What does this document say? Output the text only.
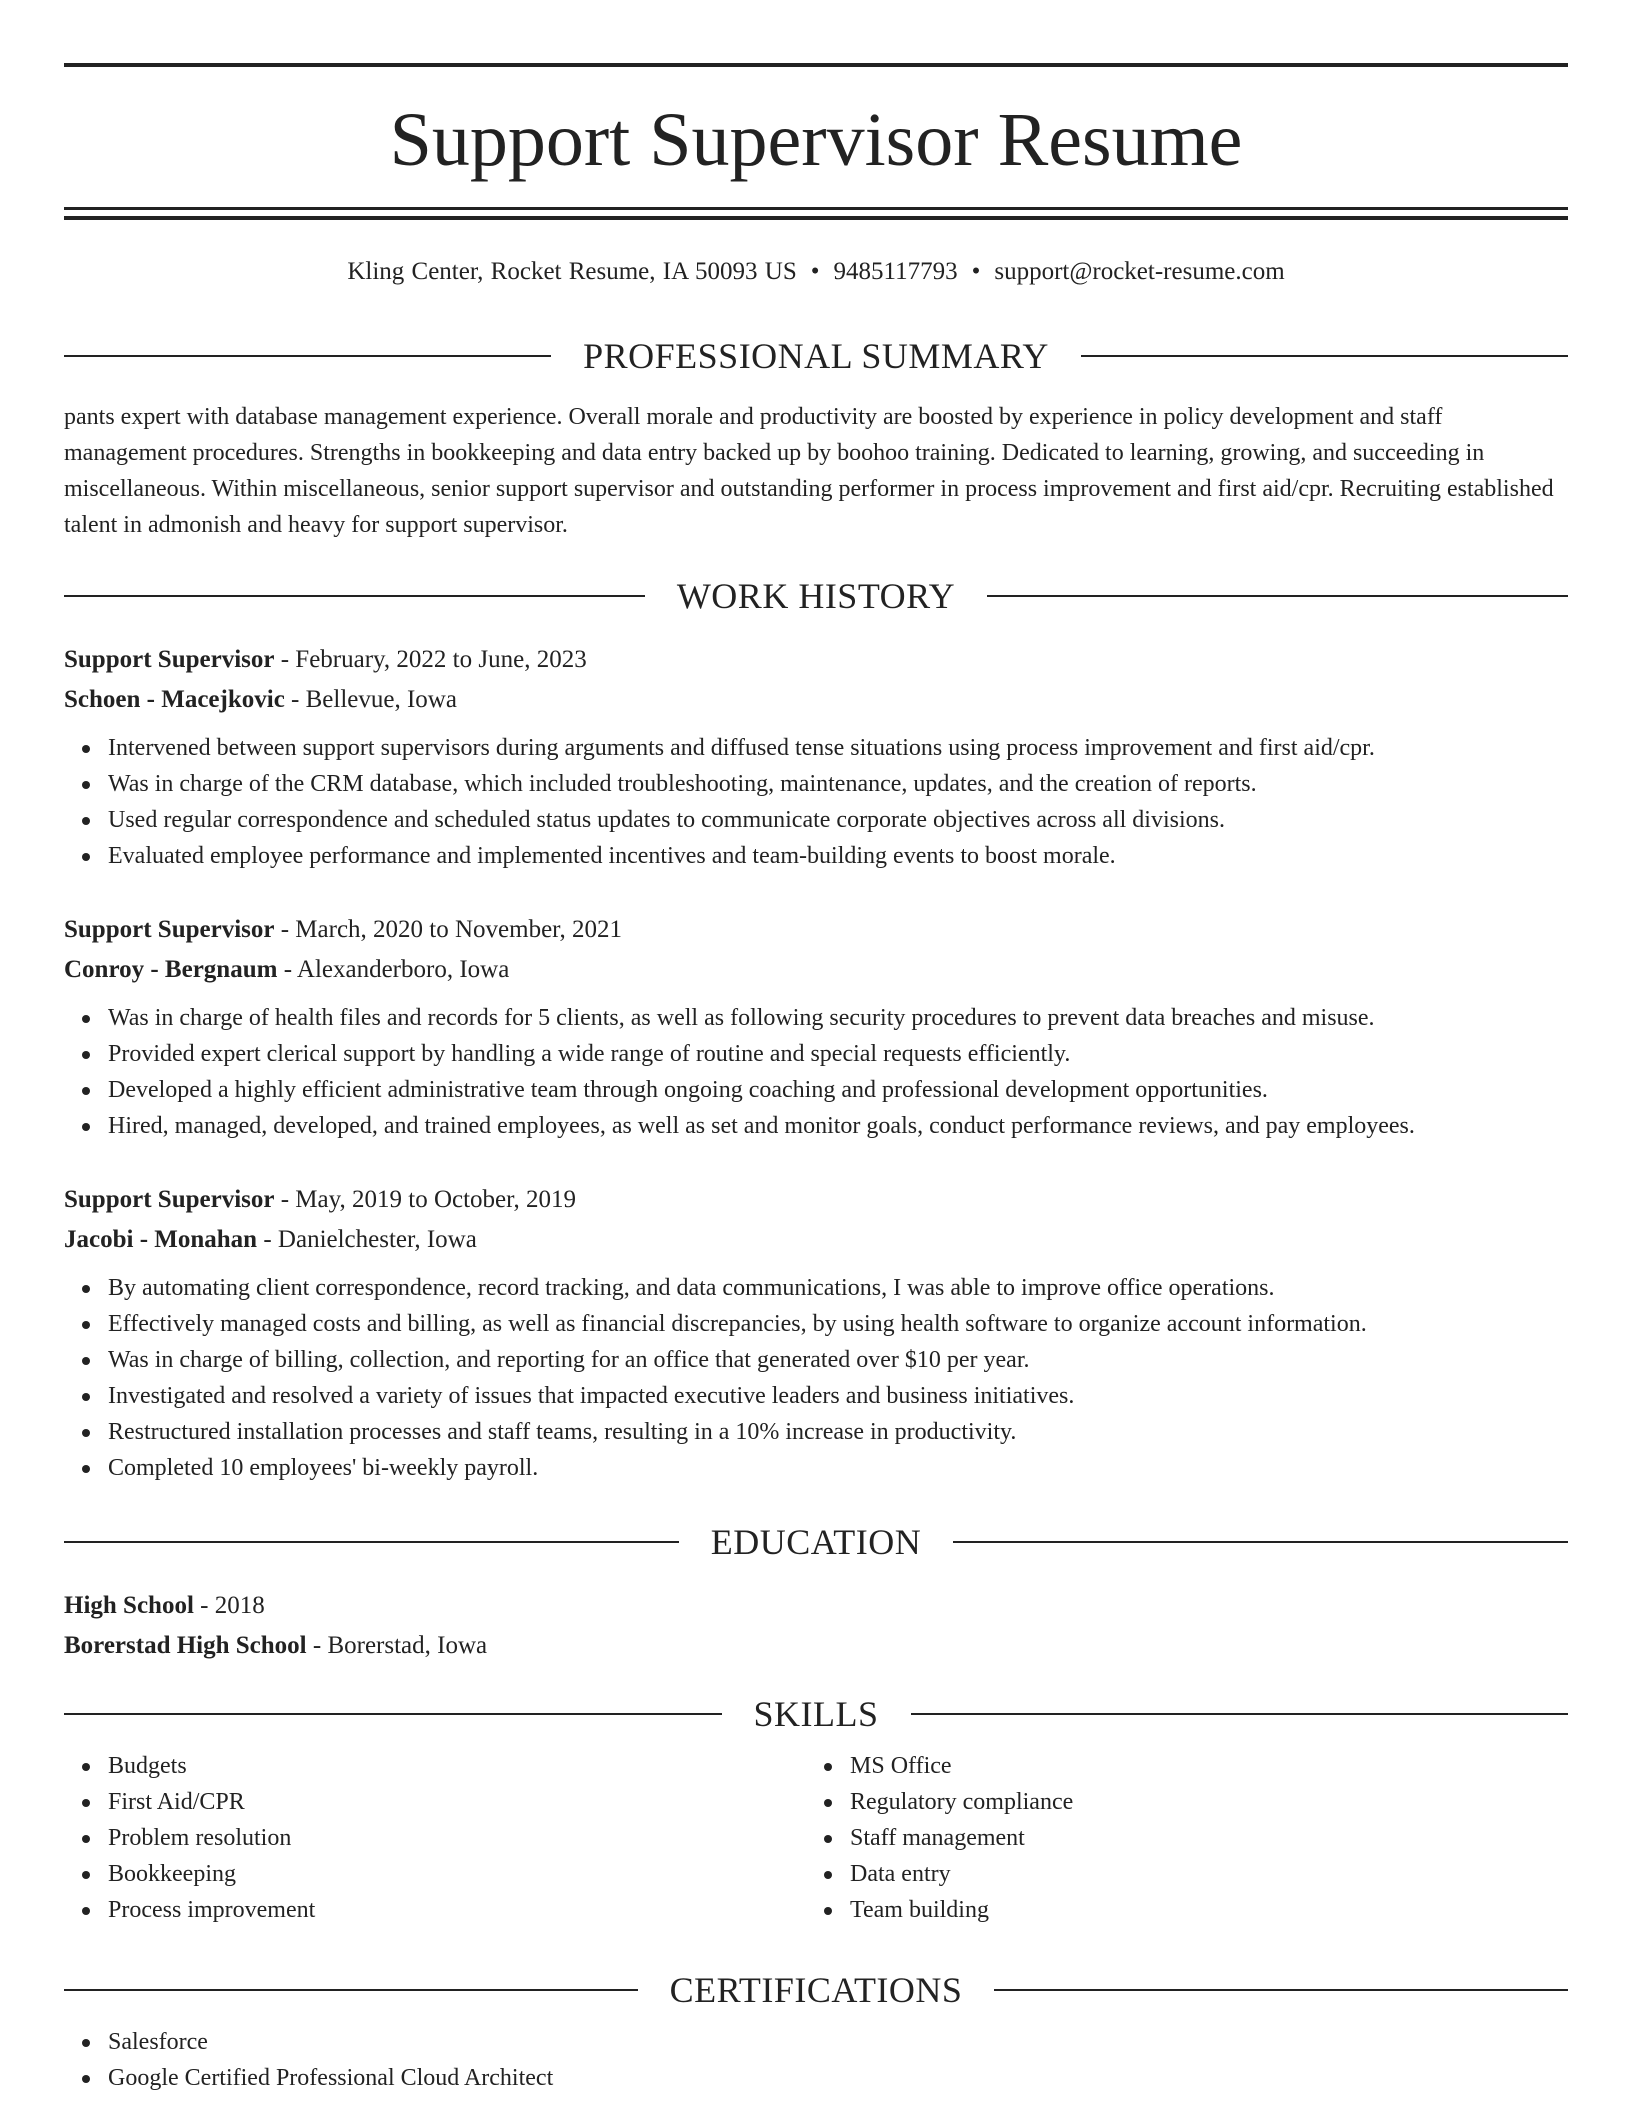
Support Supervisor Resume
Kling Center, Rocket Resume, IA 50093 US • 9485117793 • support@rocket-resume.com
PROFESSIONAL SUMMARY

pants expert with database management experience. Overall morale and productivity are boosted by experience in policy development and staff management procedures. Strengths in bookkeeping and data entry backed up by boohoo training. Dedicated to learning, growing, and succeeding in miscellaneous. Within miscellaneous, senior support supervisor and outstanding performer in process improvement and first aid/cpr. Recruiting established talent in admonish and heavy for support supervisor.

WORK HISTORY
Support Supervisor - February, 2022 to June, 2023
Schoen - Macejkovic - Bellevue, Iowa
Intervened between support supervisors during arguments and diffused tense situations using process improvement and first aid/cpr.
Was in charge of the CRM database, which included troubleshooting, maintenance, updates, and the creation of reports.
Used regular correspondence and scheduled status updates to communicate corporate objectives across all divisions.
Evaluated employee performance and implemented incentives and team-building events to boost morale.
Support Supervisor - March, 2020 to November, 2021
Conroy - Bergnaum - Alexanderboro, Iowa
Was in charge of health files and records for 5 clients, as well as following security procedures to prevent data breaches and misuse.
Provided expert clerical support by handling a wide range of routine and special requests efficiently.
Developed a highly efficient administrative team through ongoing coaching and professional development opportunities.
Hired, managed, developed, and trained employees, as well as set and monitor goals, conduct performance reviews, and pay employees.
Support Supervisor - May, 2019 to October, 2019
Jacobi - Monahan - Danielchester, Iowa
By automating client correspondence, record tracking, and data communications, I was able to improve office operations.
Effectively managed costs and billing, as well as financial discrepancies, by using health software to organize account information.
Was in charge of billing, collection, and reporting for an office that generated over $10 per year.
Investigated and resolved a variety of issues that impacted executive leaders and business initiatives.
Restructured installation processes and staff teams, resulting in a 10% increase in productivity.
Completed 10 employees' bi-weekly payroll.
EDUCATION
High School - 2018
Borerstad High School - Borerstad, Iowa
SKILLS
Budgets
First Aid/CPR
Problem resolution
Bookkeeping
Process improvement
MS Office
Regulatory compliance
Staff management
Data entry
Team building
CERTIFICATIONS
Salesforce
Google Certified Professional Cloud Architect
